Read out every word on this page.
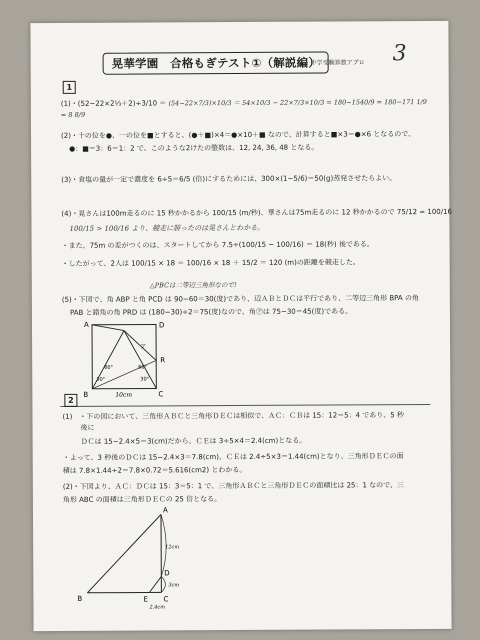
晃華学園　合格もぎテスト①（解説編）
中学受験算数アプロ 3
1
(1)・(52−22×2⅓＋2)÷3/10 ＝ (54−22×7/3)×10/3 ＝ 54×10/3 − 22×7/3×10/3 = 180−1540/9 = 180−171 1/9 = 8 8/9
(2)・十の位を●、一の位を■とすると、(●＋■)×4＝●×10＋■ なので、計算すると■×3＝●×6 となるので、
●：■＝3：6＝1：2 で、このような2けたの整数は、12, 24, 36, 48 となる。
(3)・食塩の量が一定で濃度を 6÷5＝6/5 (倍)にするためには、300×(1−5/6)＝50(g)蒸発させたらよい。
(4)・晃さんは100m走るのに 15 秒かかるから 100/15 (m/秒)、華さんは75m走るのに 12 秒かかるので 75/12 = 100/16
100/15 > 100/16 より、競走に勝ったのは晃さんとわかる。
・また、75m の差がつくのは、スタートしてから 7.5÷(100/15 − 100/16) ＝ 18(秒) 後である。
・したがって、2人は 100/15 × 18 ＝ 100/16 × 18 ＋ 15/2 ＝ 120 (m)の距離を競走した。
△PBCは二等辺三角形なので!
(5)・下図で、角 ABP と角 PCD は 90−60＝30(度)であり、辺ＡＢとＤＣは平行であり、二等辺三角形 BPA の角
PAB と錯角の角 PRD は (180−30)÷2＝75(度)なので、角㋐は 75−30＝45(度)である。
A	D
R
B	C
10cm
30°
60°	60°
30°
ア
2
(1)　・下の図において、三角形ＡＢＣと三角形ＤＥＣは相似で、ＡＣ：ＣＢは 15：12＝5：4 であり、5 秒
後に
ＤＣは 15−2.4×5＝3(cm)だから、ＣＥは 3÷5×4＝2.4(cm)となる。
・よって、3 秒後のＤＣは 15−2.4×3＝7.8(cm)、ＣＥは 2.4÷5×3＝1.44(cm)となり、三角形ＤＥＣの面
積は 7.8×1.44÷2＝7.8×0.72＝5.616(cm2) とわかる。
(2)・下図より、ＡＣ：ＤＣは 15：3＝5：1 で、三角形ＡＢＣと三角形ＤＥＣの面積比は 25：1 なので、三
角形 ABC の面積は三角形ＤＥＣの 25 倍となる。
A
B	C
D
E
12cm
3cm
2.4cm
